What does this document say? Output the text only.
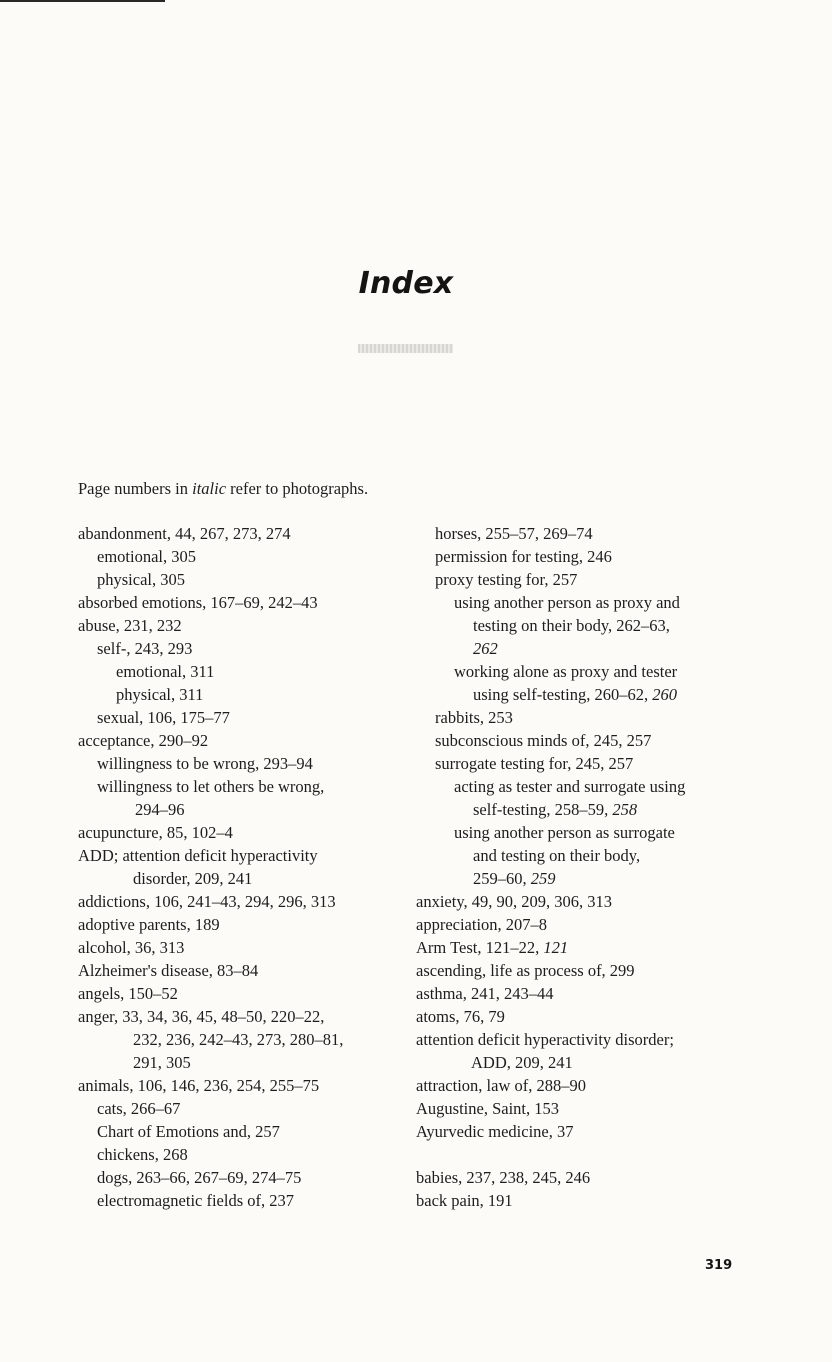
Index

Page numbers in italic refer to photographs.

abandonment, 44, 267, 273, 274
emotional, 305
physical, 305
absorbed emotions, 167–69, 242–43
abuse, 231, 232
self-, 243, 293
emotional, 311
physical, 311
sexual, 106, 175–77
acceptance, 290–92
willingness to be wrong, 293–94
willingness to let others be wrong,
294–96
acupuncture, 85, 102–4
ADD; attention deficit hyperactivity
disorder, 209, 241
addictions, 106, 241–43, 294, 296, 313
adoptive parents, 189
alcohol, 36, 313
Alzheimer's disease, 83–84
angels, 150–52
anger, 33, 34, 36, 45, 48–50, 220–22,
232, 236, 242–43, 273, 280–81,
291, 305
animals, 106, 146, 236, 254, 255–75
cats, 266–67
Chart of Emotions and, 257
chickens, 268
dogs, 263–66, 267–69, 274–75
electromagnetic fields of, 237
horses, 255–57, 269–74
permission for testing, 246
proxy testing for, 257
using another person as proxy and
testing on their body, 262–63,
262
working alone as proxy and tester
using self-testing, 260–62, 260
rabbits, 253
subconscious minds of, 245, 257
surrogate testing for, 245, 257
acting as tester and surrogate using
self-testing, 258–59, 258
using another person as surrogate
and testing on their body,
259–60, 259
anxiety, 49, 90, 209, 306, 313
appreciation, 207–8
Arm Test, 121–22, 121
ascending, life as process of, 299
asthma, 241, 243–44
atoms, 76, 79
attention deficit hyperactivity disorder;
ADD, 209, 241
attraction, law of, 288–90
Augustine, Saint, 153
Ayurvedic medicine, 37
babies, 237, 238, 245, 246
back pain, 191
319
